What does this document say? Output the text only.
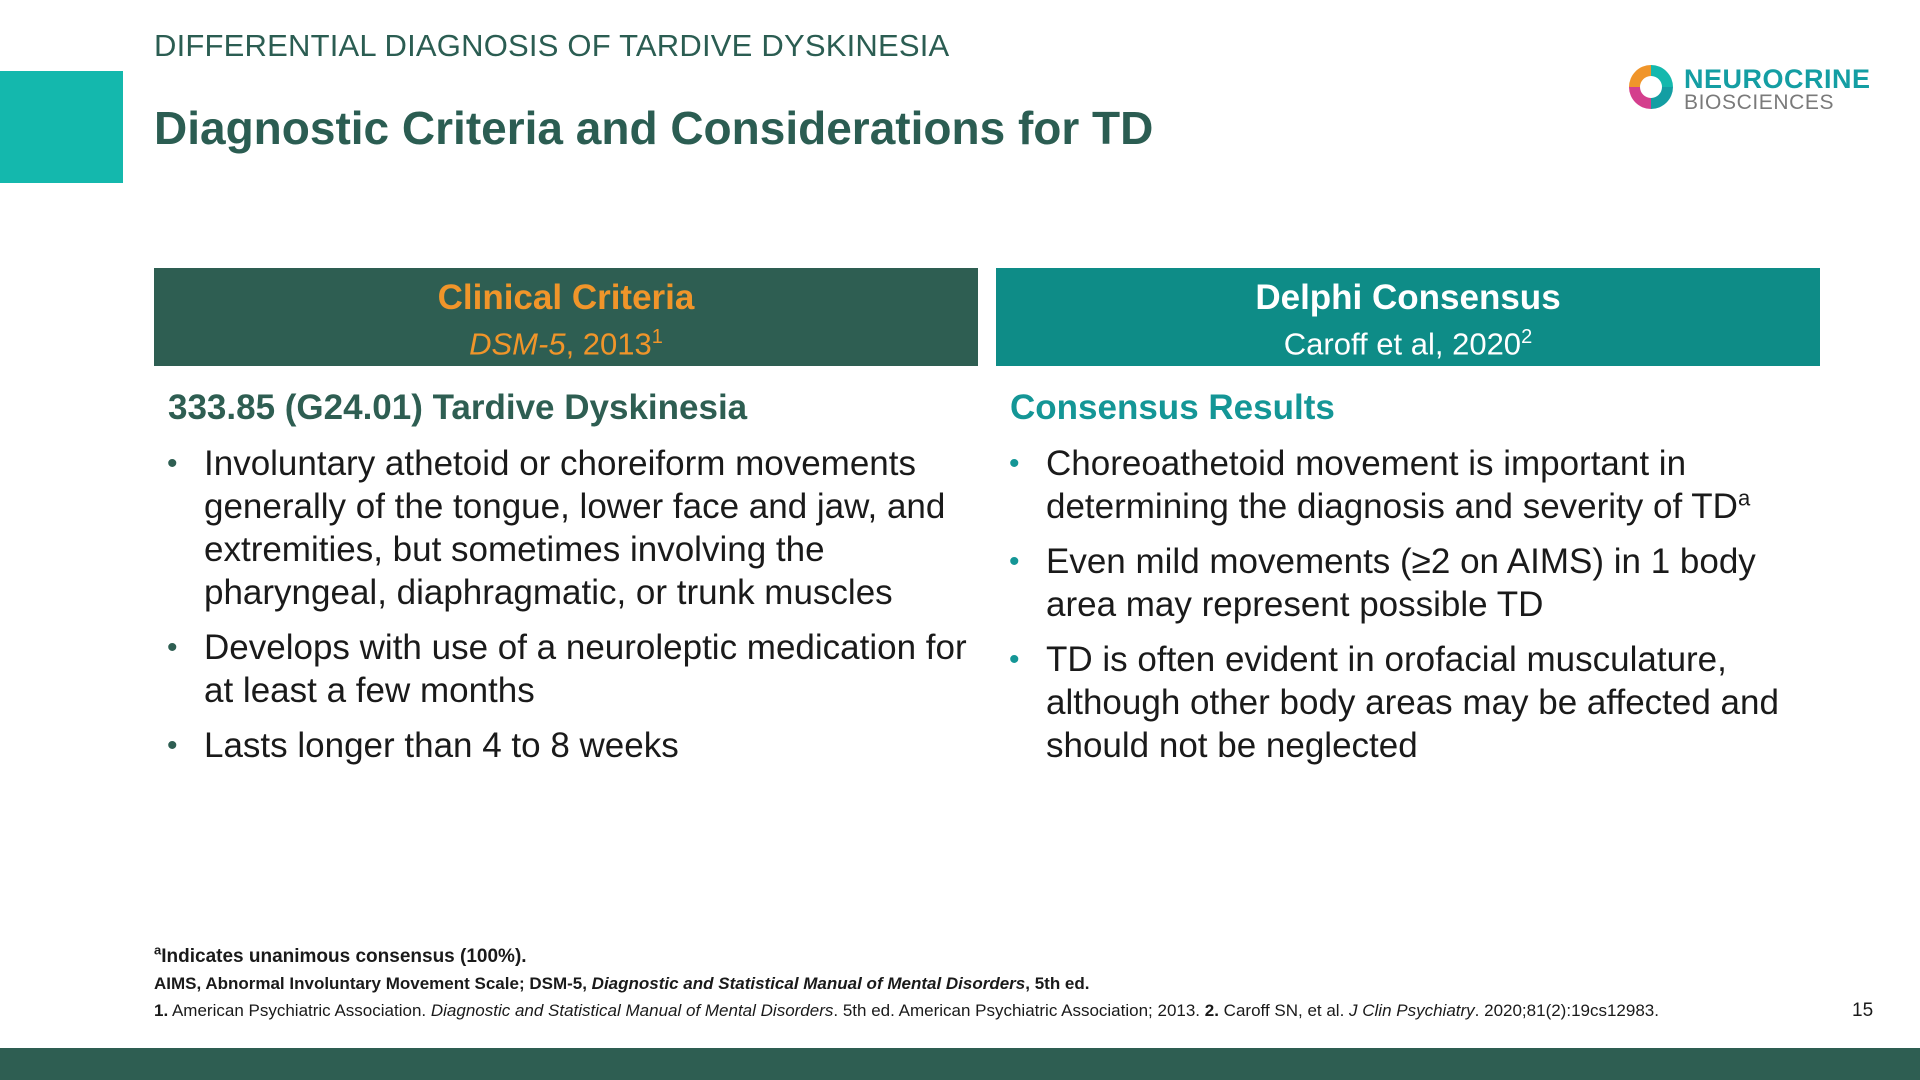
DIFFERENTIAL DIAGNOSIS OF TARDIVE DYSKINESIA
Diagnostic Criteria and Considerations for TD
NEUROCRINE
BIOSCIENCES
Clinical Criteria
DSM-5, 2013$^1$
333.85 (G24.01) Tardive Dyskinesia
• Involuntary athetoid or choreiform movements generally of the tongue, lower face and jaw, and extremities, but sometimes involving the pharyngeal, diaphragmatic, or trunk muscles
• Develops with use of a neuroleptic medication for at least a few months
• Lasts longer than 4 to 8 weeks
Delphi Consensus
Caroff et al, 2020$^2$
Consensus Results
• Choreoathetoid movement is important in determining the diagnosis and severity of $TD^a$
• Even mild movements (≥2 on AIMS) in 1 body area may represent possible TD
• TD is often evident in orofacial musculature, although other body areas may be affected and should not be neglected
$^a$Indicates unanimous consensus (100%).
AIMS, Abnormal Involuntary Movement Scale; DSM-5, Diagnostic and Statistical Manual of Mental Disorders, 5th ed.
1. American Psychiatric Association. Diagnostic and Statistical Manual of Mental Disorders. 5th ed. American Psychiatric Association; 2013. 2. Caroff SN, et al. J Clin Psychiatry. 2020;81(2):19cs12983.	15
